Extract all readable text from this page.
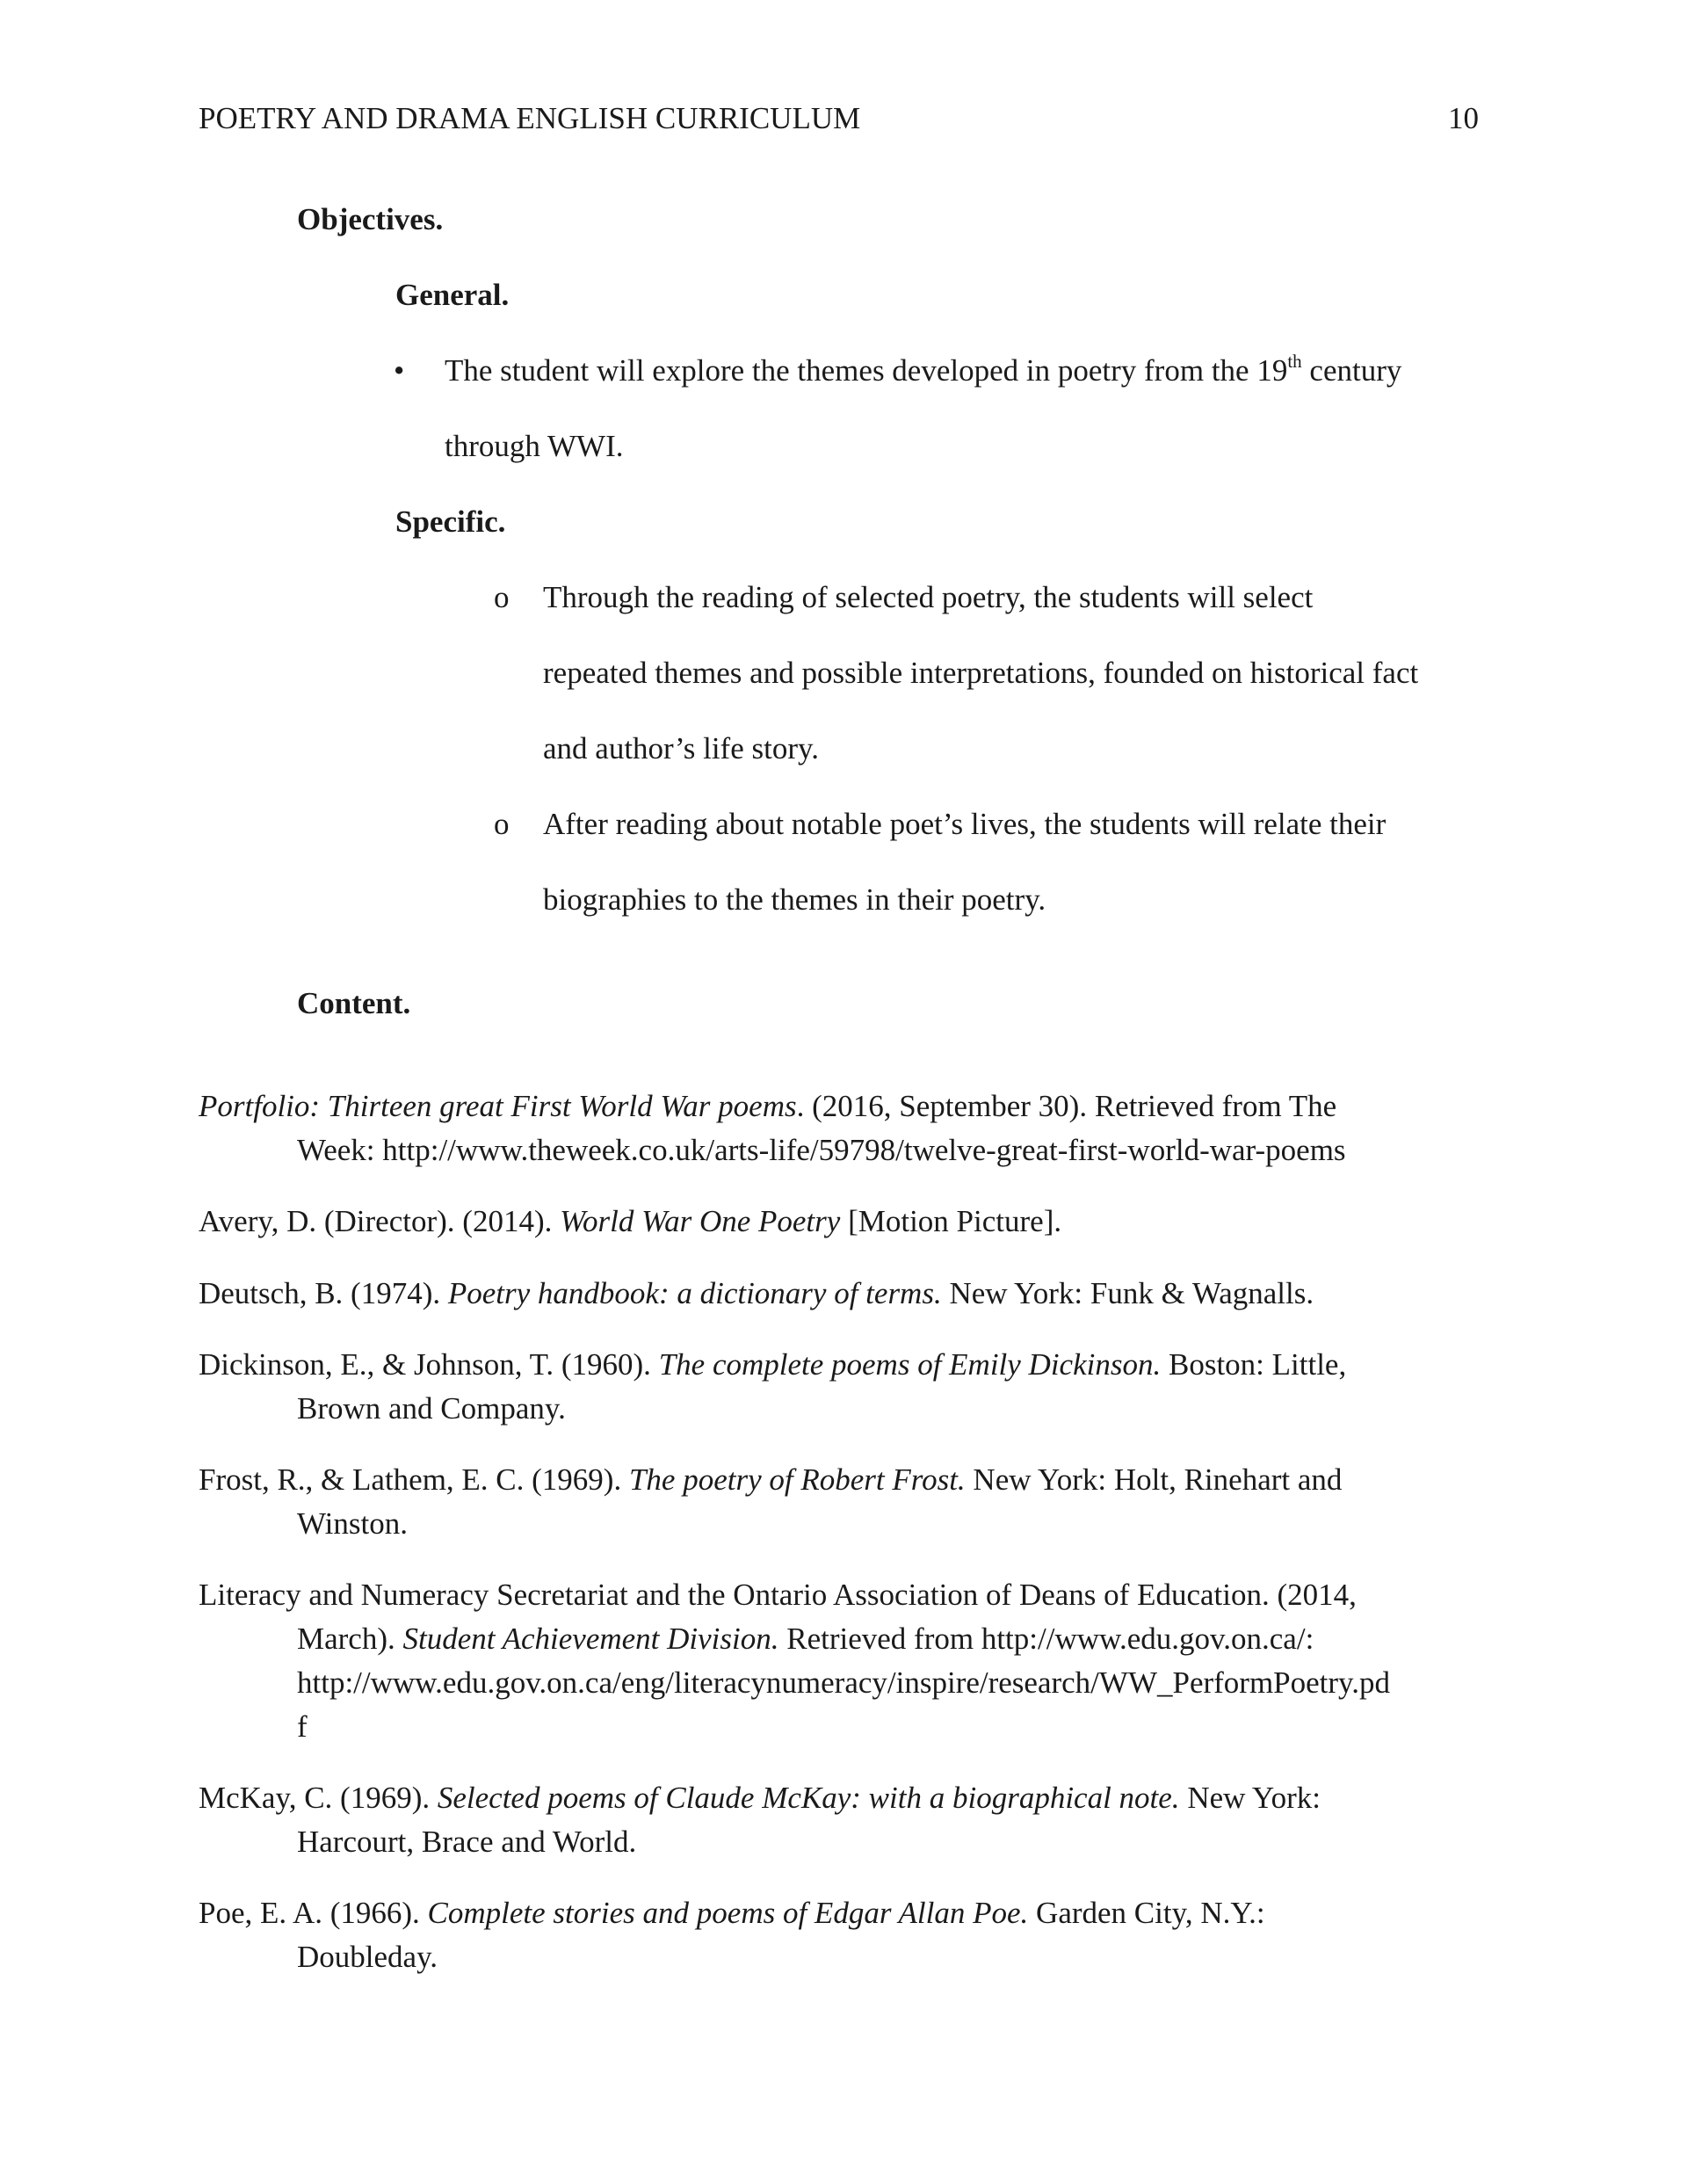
POETRY AND DRAMA ENGLISH CURRICULUM	10
Objectives.
General.
• The student will explore the themes developed in poetry from the 19th century
through WWI.
Specific.
o Through the reading of selected poetry, the students will select
repeated themes and possible interpretations, founded on historical fact
and author’s life story.
o After reading about notable poet’s lives, the students will relate their
biographies to the themes in their poetry.
Content.
Portfolio: Thirteen great First World War poems. (2016, September 30). Retrieved from The
Week: http://www.theweek.co.uk/arts-life/59798/twelve-great-first-world-war-poems
Avery, D. (Director). (2014). World War One Poetry [Motion Picture].
Deutsch, B. (1974). Poetry handbook: a dictionary of terms. New York: Funk & Wagnalls.
Dickinson, E., & Johnson, T. (1960). The complete poems of Emily Dickinson. Boston: Little,
Brown and Company.
Frost, R., & Lathem, E. C. (1969). The poetry of Robert Frost. New York: Holt, Rinehart and
Winston.
Literacy and Numeracy Secretariat and the Ontario Association of Deans of Education. (2014,
March). Student Achievement Division. Retrieved from http://www.edu.gov.on.ca/:
http://www.edu.gov.on.ca/eng/literacynumeracy/inspire/research/WW_PerformPoetry.pd
f
McKay, C. (1969). Selected poems of Claude McKay: with a biographical note. New York:
Harcourt, Brace and World.
Poe, E. A. (1966). Complete stories and poems of Edgar Allan Poe. Garden City, N.Y.:
Doubleday.
